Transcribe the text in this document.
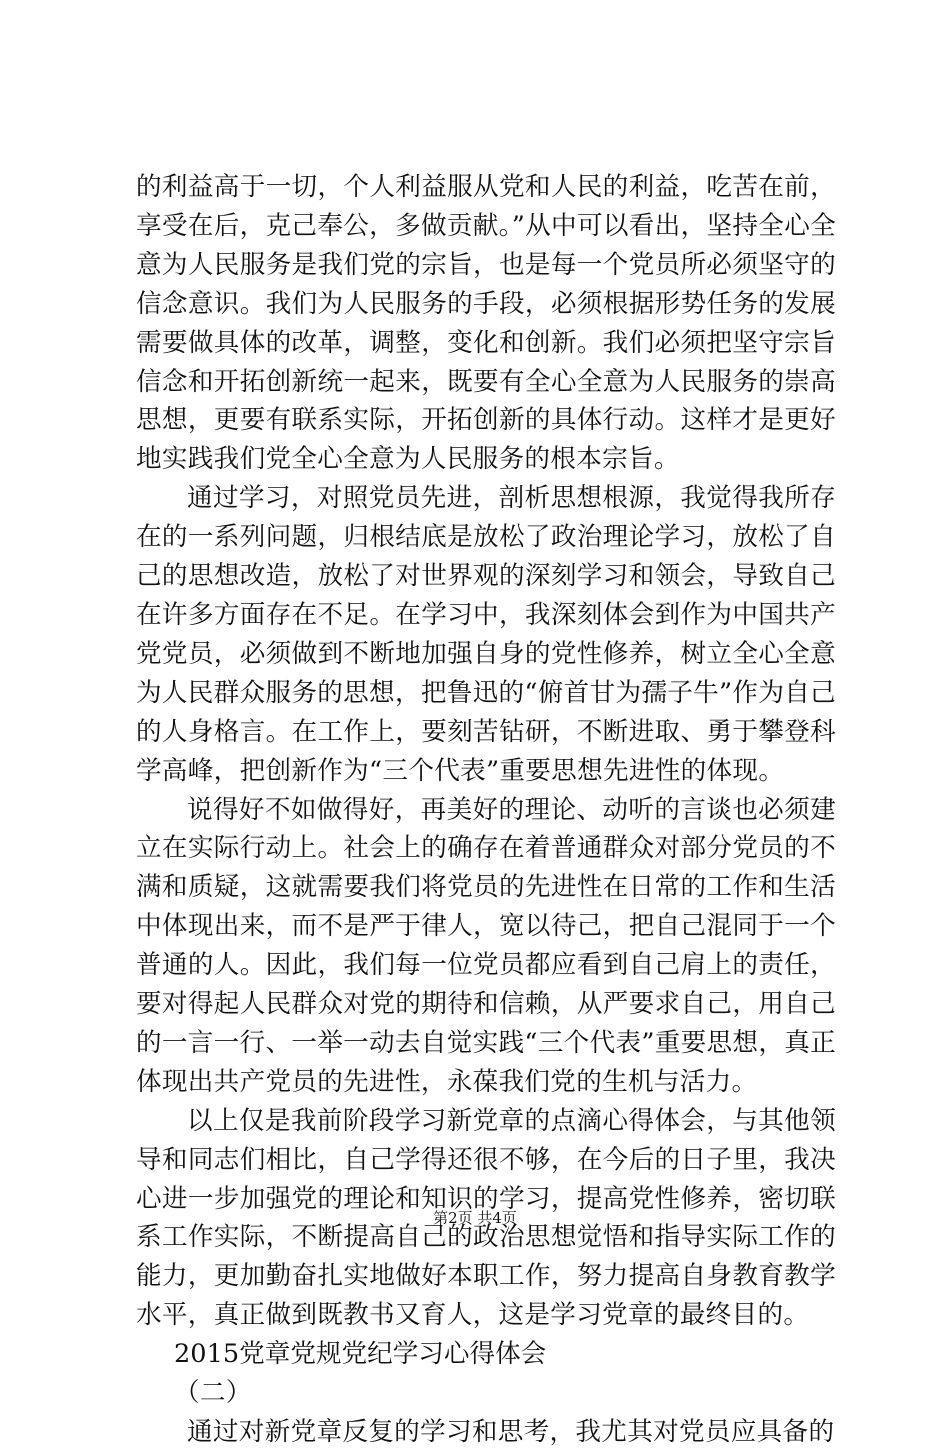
的利益高于一切，个人利益服从党和人民的利益，吃苦在前，享受在后，克己奉公，多做贡献。”从中可以看出，坚持全心全意为人民服务是我们党的宗旨，也是每一个党员所必须坚守的信念意识。我们为人民服务的手段，必须根据形势任务的发展需要做具体的改革，调整，变化和创新。我们必须把坚守宗旨信念和开拓创新统一起来，既要有全心全意为人民服务的崇高思想，更要有联系实际，开拓创新的具体行动。这样才是更好地实践我们党全心全意为人民服务的根本宗旨。

通过学习，对照党员先进，剖析思想根源，我觉得我所存在的一系列问题，归根结底是放松了政治理论学习，放松了自己的思想改造，放松了对世界观的深刻学习和领会，导致自己在许多方面存在不足。在学习中，我深刻体会到作为中国共产党党员，必须做到不断地加强自身的党性修养，树立全心全意为人民群众服务的思想，把鲁迅的“俯首甘为孺子牛”作为自己的人身格言。在工作上，要刻苦钻研，不断进取、勇于攀登科学高峰，把创新作为“三个代表”重要思想先进性的体现。

说得好不如做得好，再美好的理论、动听的言谈也必须建立在实际行动上。社会上的确存在着普通群众对部分党员的不满和质疑，这就需要我们将党员的先进性在日常的工作和生活中体现出来，而不是严于律人，宽以待己，把自己混同于一个普通的人。因此，我们每一位党员都应看到自己肩上的责任，要对得起人民群众对党的期待和信赖，从严要求自己，用自己的一言一行、一举一动去自觉实践“三个代表”重要思想，真正体现出共产党员的先进性，永葆我们党的生机与活力。

以上仅是我前阶段学习新党章的点滴心得体会，与其他领导和同志们相比，自己学得还很不够，在今后的日子里，我决心进一步加强党的理论和知识的学习，提高党性修养，密切联系工作实际，不断提高自己的政治思想觉悟和指导实际工作的能力，更加勤奋扎实地做好本职工作，努力提高自身教育教学水平，真正做到既教书又育人，这是学习党章的最终目的。

2015党章党规党纪学习心得体会

（二）

通过对新党章反复的学习和思考，我尤其对党员应具备的

第2页 共4页
